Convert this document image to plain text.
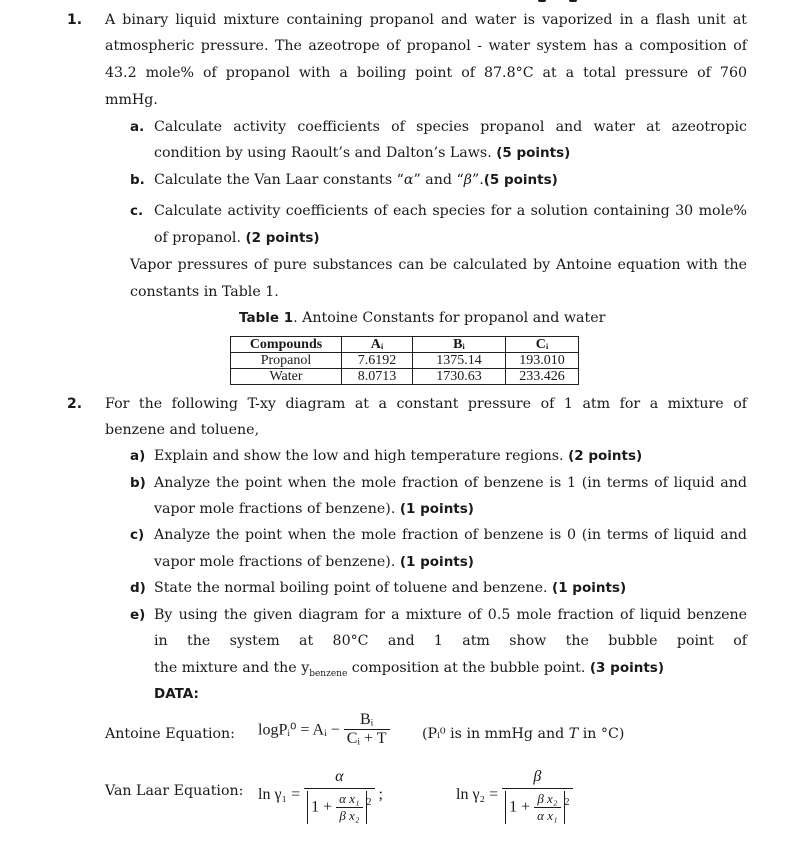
1. A binary liquid mixture containing propanol and water is vaporized in a flash unit at
atmospheric pressure. The azeotrope of propanol - water system has a composition of
43.2 mole% of propanol with a boiling point of 87.8°C at a total pressure of 760
mmHg.
a. Calculate activity coefficients of species propanol and water at azeotropic
condition by using Raoult’s and Dalton’s Laws. (5 points)
b. Calculate the Van Laar constants “α” and “β”.(5 points)
c. Calculate activity coefficients of each species for a solution containing 30 mole%
of propanol. (2 points)
Vapor pressures of pure substances can be calculated by Antoine equation with the
constants in Table 1.
Table 1. Antoine Constants for propanol and water
Compounds	Aᵢ	Bᵢ	Cᵢ
Propanol	7.6192	1375.14	193.010
Water	8.0713	1730.63	233.426
2. For the following T-xy diagram at a constant pressure of 1 atm for a mixture of
benzene and toluene,
a) Explain and show the low and high temperature regions. (2 points)
b) Analyze the point when the mole fraction of benzene is 1 (in terms of liquid and
vapor mole fractions of benzene). (1 points)
c) Analyze the point when the mole fraction of benzene is 0 (in terms of liquid and
vapor mole fractions of benzene). (1 points)
d) State the normal boiling point of toluene and benzene. (1 points)
e) By using the given diagram for a mixture of 0.5 mole fraction of liquid benzene
in the system at 80°C and 1 atm show the bubble point of
the mixture and the $y_{benzene}$ composition at the bubble point. (3 points)
DATA:
Antoine Equation: logPᵢ⁰ = Aᵢ − $\frac{\text{Bᵢ}}{\text{Cᵢ + T}}$ (Pᵢ⁰ is in mmHg and T in °C)
Van Laar Equation: $\ln \gamma_1 = \frac{\alpha}{1 + \frac{\text{α x₁}}{\text{β x₂}} ^2}$ ;	$\ln \gamma_2 = \frac{\beta}{1 + \frac{\text{β x₂}}{\text{α x₁}} ^2}$
